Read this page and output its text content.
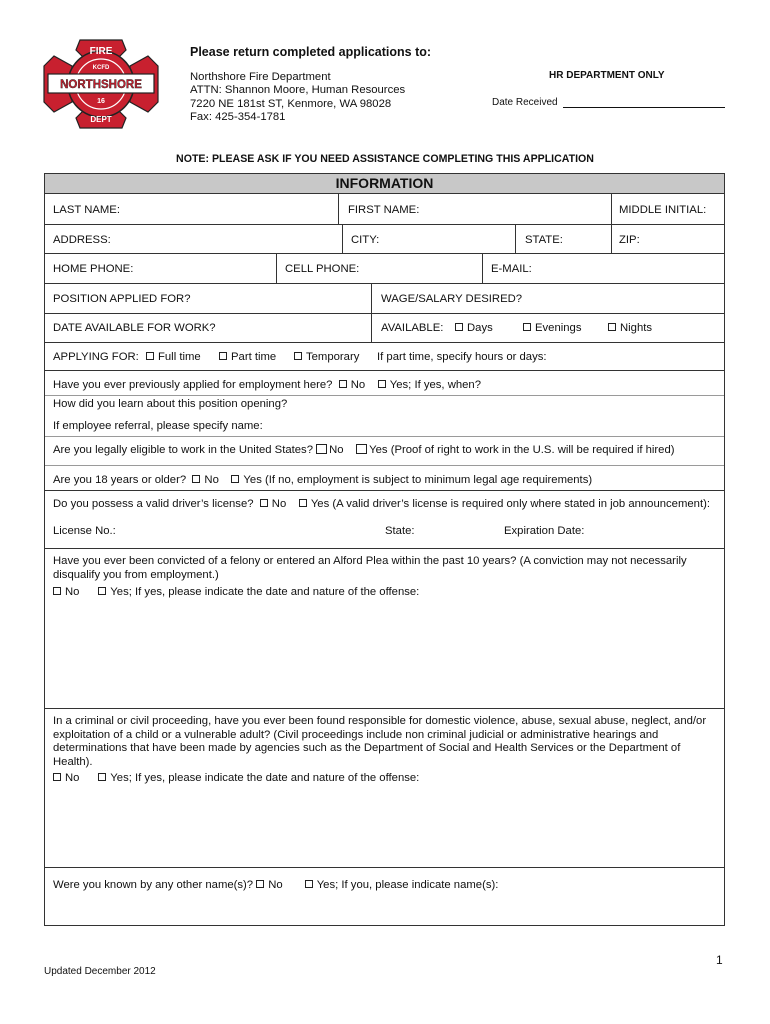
FIRE
KCFD
NORTHSHORE
16
DEPT
Please return completed applications to:
Northshore Fire Department
ATTN: Shannon Moore, Human Resources
7220 NE 181st ST, Kenmore, WA 98028
Fax: 425-354-1781
HR DEPARTMENT ONLY
Date Received
NOTE: PLEASE ASK IF YOU NEED ASSISTANCE COMPLETING THIS APPLICATION
INFORMATION
LAST NAME:	FIRST NAME:	MIDDLE INITIAL:
ADDRESS:	CITY:	STATE:	ZIP:
HOME PHONE:	CELL PHONE:	E-MAIL:
POSITION APPLIED FOR?	WAGE/SALARY DESIRED?
DATE AVAILABLE FOR WORK?	AVAILABLE:	Days	Evenings	Nights
APPLYING FOR:	Full time	Part time	Temporary If part time, specify hours or days:
Have you ever previously applied for employment here? No Yes; If yes, when?
How did you learn about this position opening?
If employee referral, please specify name:
Are you legally eligible to work in the United States? No Yes (Proof of right to work in the U.S. will be required if hired)
Are you 18 years or older? No Yes (If no, employment is subject to minimum legal age requirements)
Do you possess a valid driver’s license? No Yes (A valid driver’s license is required only where stated in job announcement):
License No.:	State:	Expiration Date:
Have you ever been convicted of a felony or entered an Alford Plea within the past 10 years? (A conviction may not necessarily disqualify you from employment.)
No	Yes; If yes, please indicate the date and nature of the offense:
In a criminal or civil proceeding, have you ever been found responsible for domestic violence, abuse, sexual abuse, neglect, and/or exploitation of a child or a vulnerable adult? (Civil proceedings include non criminal judicial or administrative hearings and determinations that have been made by agencies such as the Department of Social and Health Services or the Department of Health).
No	Yes; If yes, please indicate the date and nature of the offense:
Were you known by any other name(s)? No	Yes; If you, please indicate name(s):
1
Updated December 2012
